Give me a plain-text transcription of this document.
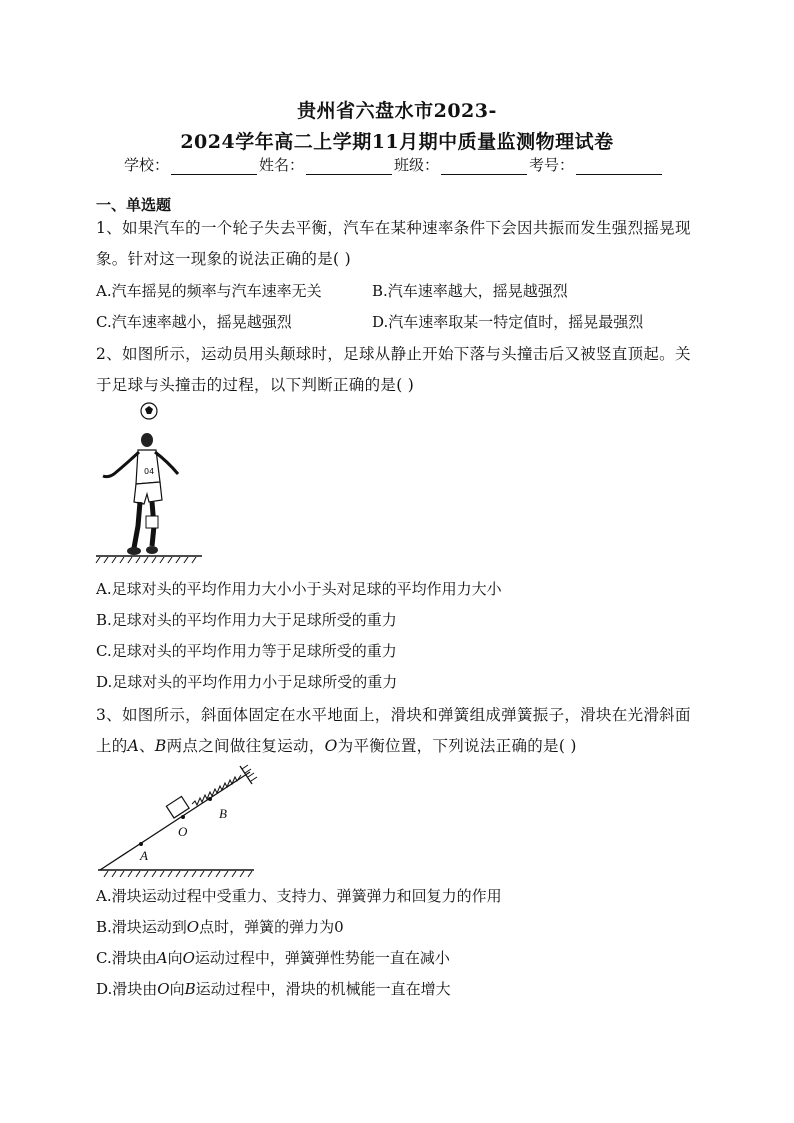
贵州省六盘水市2023-
2024学年高二上学期11月期中质量监测物理试卷
学校：	姓名：	班级：	考号：
一、单选题
1、如果汽车的一个轮子失去平衡，汽车在某种速率条件下会因共振而发生强烈摇晃现
象。针对这一现象的说法正确的是( )
A.汽车摇晃的频率与汽车速率无关	B.汽车速率越大，摇晃越强烈
C.汽车速率越小，摇晃越强烈	D.汽车速率取某一特定值时，摇晃最强烈
2、如图所示，运动员用头颠球时，足球从静止开始下落与头撞击后又被竖直顶起。关
于足球与头撞击的过程，以下判断正确的是( )
04
A.足球对头的平均作用力大小小于头对足球的平均作用力大小
B.足球对头的平均作用力大于足球所受的重力
C.足球对头的平均作用力等于足球所受的重力
D.足球对头的平均作用力小于足球所受的重力
3、如图所示，斜面体固定在水平地面上，滑块和弹簧组成弹簧振子，滑块在光滑斜面
上的A、B两点之间做往复运动，O为平衡位置，下列说法正确的是( )
A
O
B
A.滑块运动过程中受重力、支持力、弹簧弹力和回复力的作用
B.滑块运动到O点时，弹簧的弹力为0
C.滑块由A向O运动过程中，弹簧弹性势能一直在减小
D.滑块由O向B运动过程中，滑块的机械能一直在增大
